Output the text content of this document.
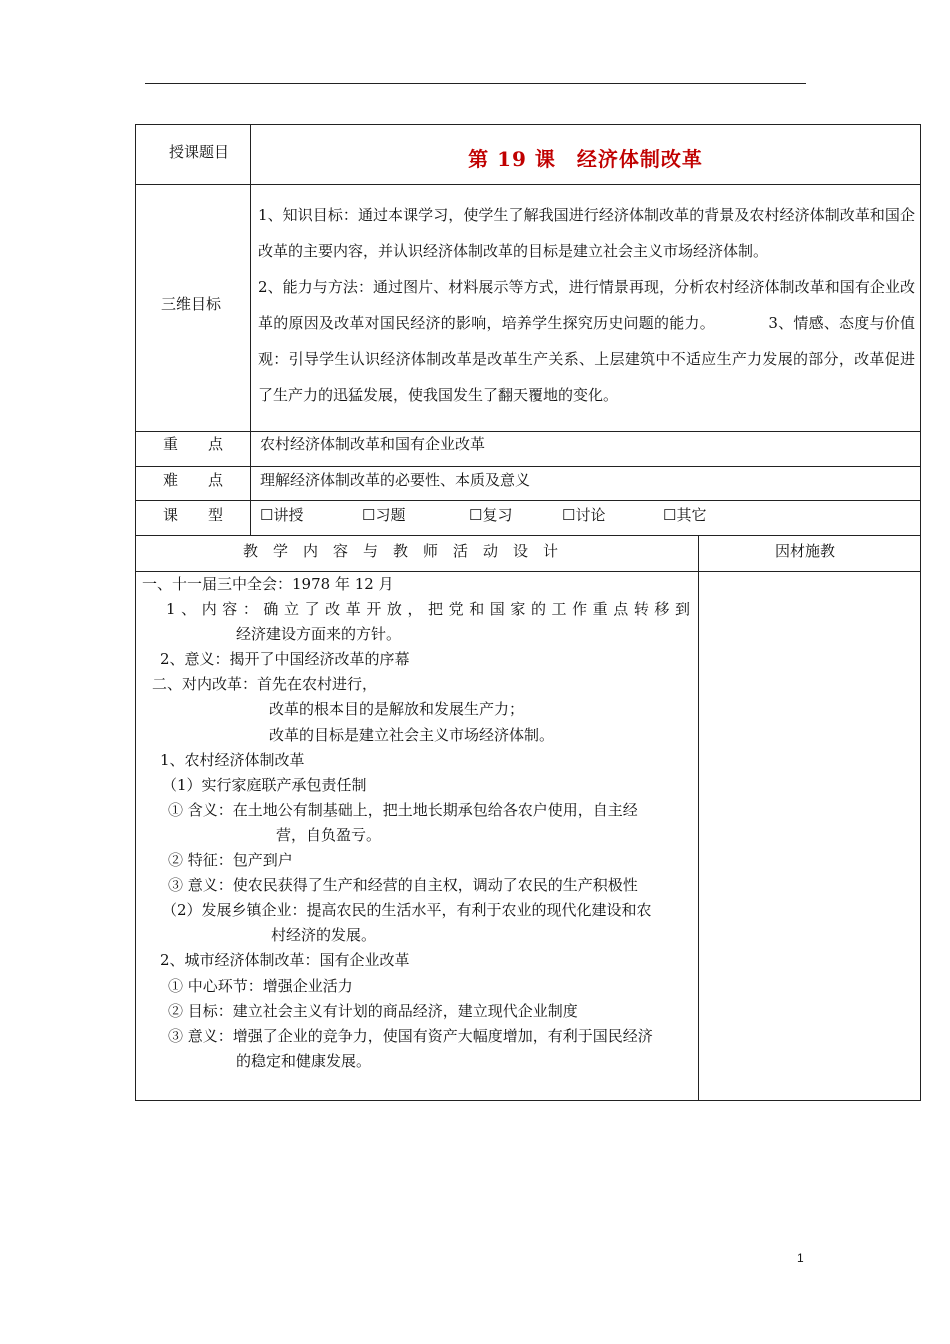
授课题目	第 19 课　经济体制改革
三维目标

1、知识目标：通过本课学习，使学生了解我国进行经济体制改革的背景及农村经济体制改革和国企改革的主要内容，并认识经济体制改革的目标是建立社会主义市场经济体制。

2、能力与方法：通过图片、材料展示等方式，进行情景再现，分析农村经济体制改革和国有企业改革的原因及改革对国民经济的影响，培养学生探究历史问题的能力。　　　　3、情感、态度与价值观：引导学生认识经济体制改革是改革生产关系、上层建筑中不适应生产力发展的部分，改革促进了生产力的迅猛发展，使我国发生了翻天覆地的变化。

重　　点 农村经济体制改革和国有企业改革
难　　点 理解经济体制改革的必要性、本质及意义
课　　型 ☐讲授	☐习题	☐复习	☐讨论	☐其它
教　学　内　容　与　教　师　活　动　设　计	因材施教
一、十一届三中全会：1978 年 12 月
1、内容：确立了改革开放，把党和国家的工作重点转移到
经济建设方面来的方针。
2、意义：揭开了中国经济改革的序幕
二、对内改革：首先在农村进行，
改革的根本目的是解放和发展生产力；
改革的目标是建立社会主义市场经济体制。
1、农村经济体制改革
（1）实行家庭联产承包责任制
① 含义：在土地公有制基础上，把土地长期承包给各农户使用，自主经
营，自负盈亏。
② 特征：包产到户
③ 意义：使农民获得了生产和经营的自主权，调动了农民的生产积极性
（2）发展乡镇企业：提高农民的生活水平，有利于农业的现代化建设和农
村经济的发展。
2、城市经济体制改革：国有企业改革
① 中心环节：增强企业活力
② 目标：建立社会主义有计划的商品经济，建立现代企业制度
③ 意义：增强了企业的竞争力，使国有资产大幅度增加，有利于国民经济
的稳定和健康发展。
1
